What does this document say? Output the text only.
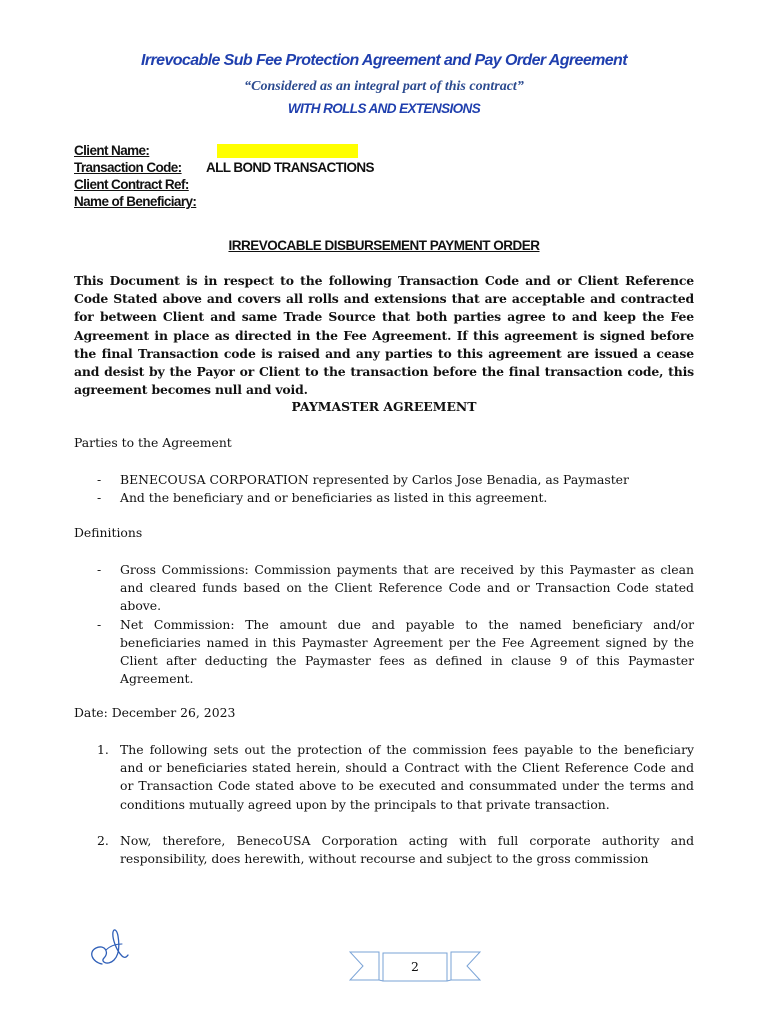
Irrevocable Sub Fee Protection Agreement and Pay Order Agreement
“Considered as an integral part of this contract”
WITH ROLLS AND EXTENSIONS
Client Name:
Transaction Code: ALL BOND TRANSACTIONS
Client Contract Ref:
Name of Beneficiary:
IRREVOCABLE DISBURSEMENT PAYMENT ORDER
This Document is in respect to the following Transaction Code and or Client Reference Code Stated above and covers all rolls and extensions that are acceptable and contracted for between Client and same Trade Source that both parties agree to and keep the Fee Agreement in place as directed in the Fee Agreement. If this agreement is signed before the final Transaction code is raised and any parties to this agreement are issued a cease and desist by the Payor or Client to the transaction before the final transaction code, this agreement becomes null and void.
PAYMASTER AGREEMENT
Parties to the Agreement
- BENECOUSA CORPORATION represented by Carlos Jose Benadia, as Paymaster
- And the beneficiary and or beneficiaries as listed in this agreement.
Definitions
- Gross Commissions: Commission payments that are received by this Paymaster as clean and cleared funds based on the Client Reference Code and or Transaction Code stated above.
- Net Commission: The amount due and payable to the named beneficiary and/or beneficiaries named in this Paymaster Agreement per the Fee Agreement signed by the Client after deducting the Paymaster fees as defined in clause 9 of this Paymaster Agreement.
Date: December 26, 2023
1. The following sets out the protection of the commission fees payable to the beneficiary and or beneficiaries stated herein, should a Contract with the Client Reference Code and or Transaction Code stated above to be executed and consummated under the terms and conditions mutually agreed upon by the principals to that private transaction.
2. Now, therefore, BenecoUSA Corporation acting with full corporate authority and responsibility, does herewith, without recourse and subject to the gross commission
2
